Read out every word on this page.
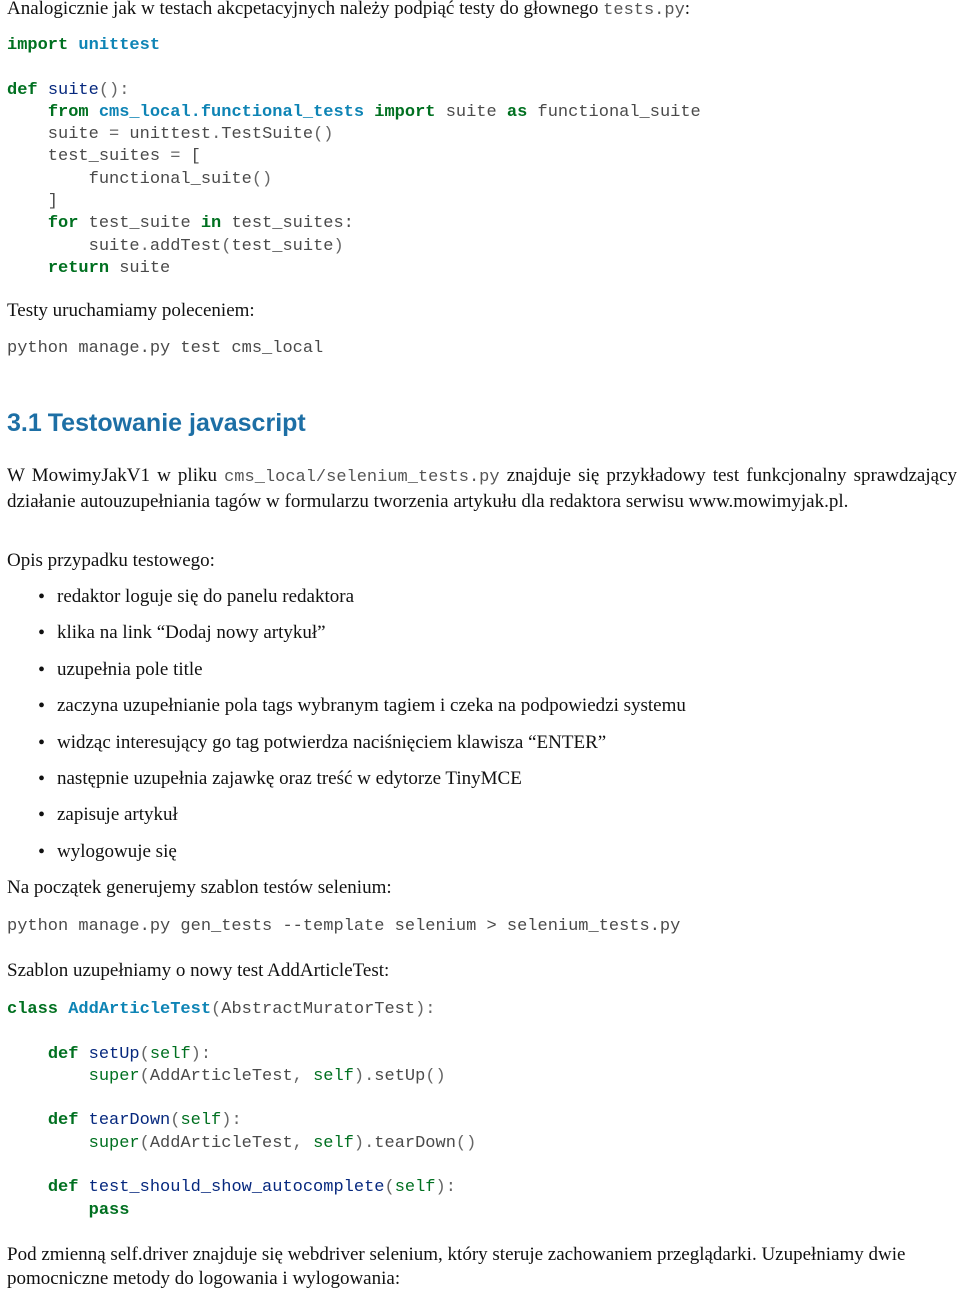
Analogicznie jak w testach akcpetacyjnych należy podpiąć testy do głownego tests.py:

import unittest
def suite():
from cms_local.functional_tests import suite as functional_suite
suite = unittest.TestSuite()
test_suites = [
functional_suite()
]
for test_suite in test_suites:
suite.addTest(test_suite)
return suite

Testy uruchamiamy poleceniem:

python manage.py test cms_local
3.1 Testowanie javascript

W MowimyJakV1 w pliku cms_local/selenium_tests.py znajduje się przykładowy test funkcjonalny sprawdzający działanie autouzupełniania tagów w formularzu tworzenia artykułu dla redaktora serwisu www.mowimyjak.pl.

Opis przypadku testowego:

• redaktor loguje się do panelu redaktora
• klika na link “Dodaj nowy artykuł”
• uzupełnia pole title
• zaczyna uzupełnianie pola tags wybranym tagiem i czeka na podpowiedzi systemu
• widząc interesujący go tag potwierdza naciśnięciem klawisza “ENTER”
• następnie uzupełnia zajawkę oraz treść w edytorze TinyMCE
• zapisuje artykuł
• wylogowuje się

Na początek generujemy szablon testów selenium:

python manage.py gen_tests --template selenium > selenium_tests.py

Szablon uzupełniamy o nowy test AddArticleTest:

class AddArticleTest(AbstractMuratorTest):
def setUp(self):
super(AddArticleTest, self).setUp()
def tearDown(self):
super(AddArticleTest, self).tearDown()
def test_should_show_autocomplete(self):
pass

Pod zmienną self.driver znajduje się webdriver selenium, który steruje zachowaniem przeglądarki. Uzupełniamy dwie pomocniczne metody do logowania i wylogowania:
